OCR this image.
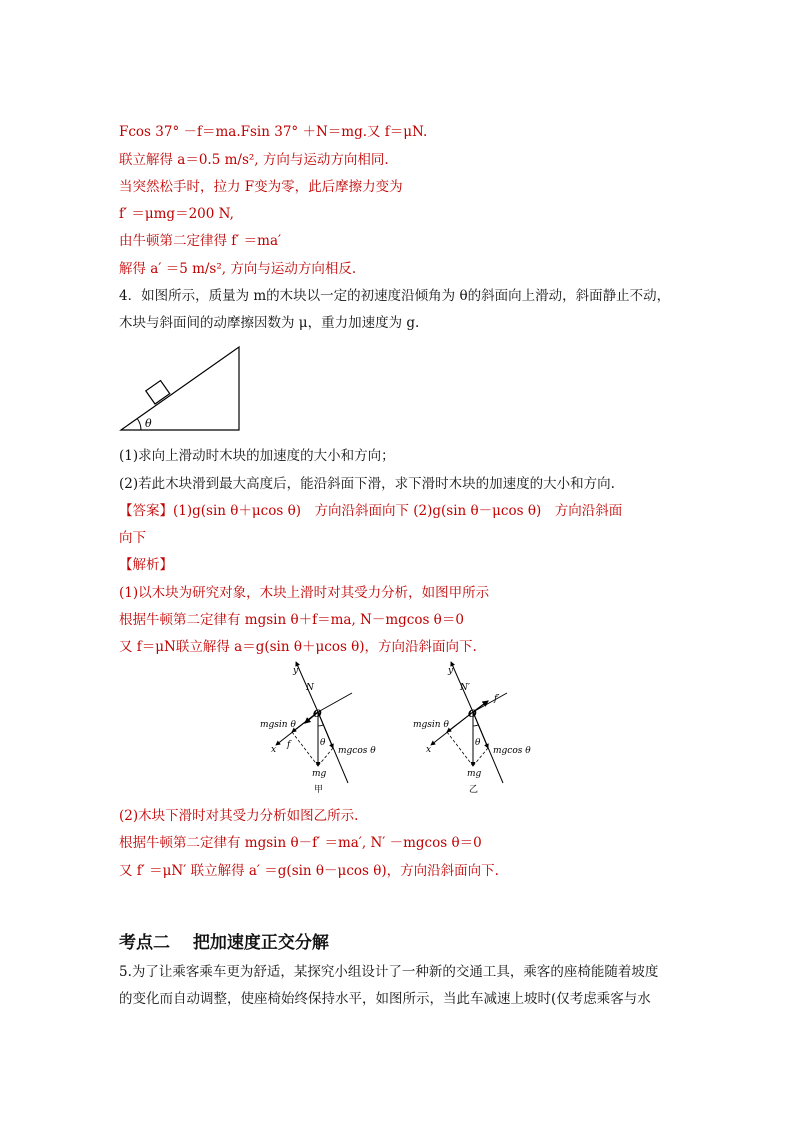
Fcos 37° －f＝ma.Fsin 37° ＋N＝mg.又 f＝μN.
联立解得 a＝0.5 m/s², 方向与运动方向相同.
当突然松手时，拉力 F变为零，此后摩擦力变为
f′ ＝μmg＝200 N,
由牛顿第二定律得 f′ ＝ma′
解得 a′ ＝5 m/s², 方向与运动方向相反.
4．如图所示，质量为 m的木块以一定的初速度沿倾角为 θ的斜面向上滑动，斜面静止不动，
木块与斜面间的动摩擦因数为 μ，重力加速度为 g.
θ
(1)求向上滑动时木块的加速度的大小和方向；
(2)若此木块滑到最大高度后，能沿斜面下滑，求下滑时木块的加速度的大小和方向.
【答案】(1)g(sin θ＋μcos θ)　方向沿斜面向下 (2)g(sin θ－μcos θ)　方向沿斜面
向下
【解析】
(1)以木块为研究对象，木块上滑时对其受力分析，如图甲所示
根据牛顿第二定律有 mgsin θ＋f＝ma, N－mgcos θ＝0
又 f＝μN联立解得 a＝g(sin θ＋μcos θ)，方向沿斜面向下.
y
N
O
mgsin θ
f
x
θ
mgcos θ
mg
甲
y
N′
O
f′
mgsin θ
x
θ
mgcos θ
mg
乙
(2)木块下滑时对其受力分析如图乙所示.
根据牛顿第二定律有 mgsin θ－f′ ＝ma′, N′ －mgcos θ＝0
又 f′ ＝μN′ 联立解得 a′ ＝g(sin θ－μcos θ)，方向沿斜面向下.
考点二　 把加速度正交分解
5.为了让乘客乘车更为舒适，某探究小组设计了一种新的交通工具，乘客的座椅能随着坡度
的变化而自动调整，使座椅始终保持水平，如图所示，当此车减速上坡时(仅考虑乘客与水
